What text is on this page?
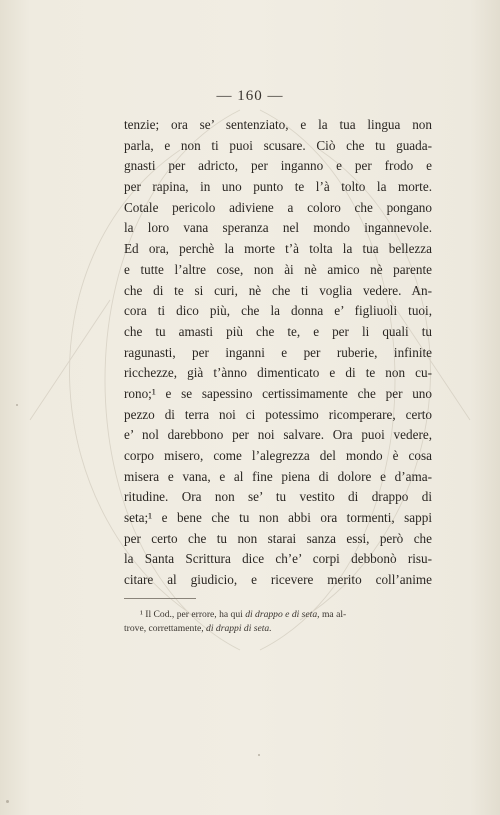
— 160 —
tenzie; ora se’ sentenziato, e la tua lingua non
parla, e non ti puoi scusare. Ciò che tu guada-
gnasti per adricto, per inganno e per frodo e
per rapina, in uno punto te l’à tolto la morte.
Cotale pericolo adiviene a coloro che pongano
la loro vana speranza nel mondo ingannevole.
Ed ora, perchè la morte t’à tolta la tua bellezza
e tutte l’altre cose, non ài nè amico nè parente
che di te si curi, nè che ti voglia vedere. An-
cora ti dico più, che la donna e’ figliuoli tuoi,
che tu amasti più che te, e per li quali tu
ragunasti, per inganni e per ruberie, infinite
ricchezze, già t’ànno dimenticato e di te non cu-
rono;¹ e se sapessino certissimamente che per uno
pezzo di terra noi ci potessimo ricomperare, certo
e’ nol darebbono per noi salvare. Ora puoi vedere,
corpo misero, come l’alegrezza del mondo è cosa
misera e vana, e al fine piena di dolore e d’ama-
ritudine. Ora non se’ tu vestito di drappo di
seta;¹ e bene che tu non abbi ora tormenti, sappi
per certo che tu non starai sanza essi, però che
la Santa Scrittura dice ch’e’ corpi debbonò risu-
citare al giudicio, e ricevere merito coll’anime
¹ Il Cod., per errore, ha qui di drappo e di seta, ma al-
trove, correttamente, di drappi di seta.
